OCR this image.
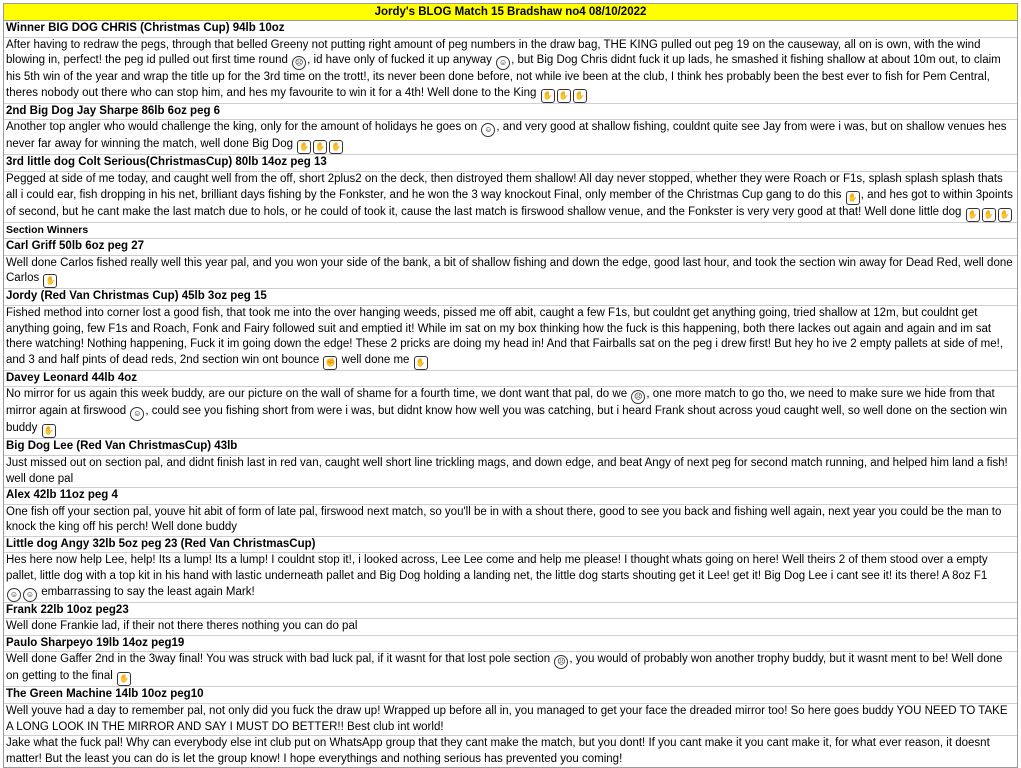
Jordy's BLOG Match 15 Bradshaw no4 08/10/2022
Winner BIG DOG CHRIS (Christmas Cup) 94lb 10oz
After having to redraw the pegs, through that belled Greeny not putting right amount of peg numbers in the draw bag, THE KING pulled out peg 19 on the causeway, all on is own, with the wind blowing in, perfect! the peg id pulled out first time round ☹ , id have only of fucked it up anyway ☺ , but Big Dog Chris didnt fuck it up lads, he smashed it fishing shallow at about 10m out, to claim his 5th win of the year and wrap the title up for the 3rd time on the trott!, its never been done before, not while ive been at the club, I think hes probably been the best ever to fish for Pem Central, theres nobody out there who can stop him, and hes my favourite to win it for a 4th! Well done to the King ✋ ✋ ✋
2nd Big Dog Jay Sharpe 86lb 6oz peg 6
Another top angler who would challenge the king, only for the amount of holidays he goes on ☺ , and very good at shallow fishing, couldnt quite see Jay from were i was, but on shallow venues hes never far away for winning the match, well done Big Dog ✋ ✋ ✋
3rd little dog Colt Serious(ChristmasCup) 80lb 14oz peg 13
Pegged at side of me today, and caught well from the off, short 2plus2 on the deck, then distroyed them shallow! All day never stopped, whether they were Roach or F1s, splash splash splash thats all i could ear, fish dropping in his net, brilliant days fishing by the Fonkster, and he won the 3 way knockout Final, only member of the Christmas Cup gang to do this ✋ , and hes got to within 3points of second, but he cant make the last match due to hols, or he could of took it, cause the last match is firswood shallow venue, and the Fonkster is very very good at that! Well done little dog ✋ ✋ ✋
Section Winners
Carl Griff 50lb 6oz peg 27
Well done Carlos fished really well this year pal, and you won your side of the bank, a bit of shallow fishing and down the edge, good last hour, and took the section win away for Dead Red, well done Carlos ✋
Jordy (Red Van Christmas Cup) 45lb 3oz peg 15
Fished method into corner lost a good fish, that took me into the over hanging weeds, pissed me off abit, caught a few F1s, but couldnt get anything going, tried shallow at 12m, but couldnt get anything going, few F1s and Roach, Fonk and Fairy followed suit and emptied it! While im sat on my box thinking how the fuck is this happening, both there lackes out again and again and im sat there watching! Nothing happening, Fuck it im going down the edge! These 2 pricks are doing my head in! And that Fairballs sat on the peg i drew first! But hey ho ive 2 empty pallets at side of me!, and 3 and half pints of dead reds, 2nd section win ont bounce ✊ well done me ✋
Davey Leonard 44lb 4oz
No mirror for us again this week buddy, are our picture on the wall of shame for a fourth time, we dont want that pal, do we ☹ , one more match to go tho, we need to make sure we hide from that mirror again at firswood ☺ , could see you fishing short from were i was, but didnt know how well you was catching, but i heard Frank shout across youd caught well, so well done on the section win buddy ✋
Big Dog Lee (Red Van ChristmasCup) 43lb
Just missed out on section pal, and didnt finish last in red van, caught well short line trickling mags, and down edge, and beat Angy of next peg for second match running, and helped him land a fish! well done pal
Alex 42lb 11oz peg 4
One fish off your section pal, youve hit abit of form of late pal, firswood next match, so you'll be in with a shout there, good to see you back and fishing well again, next year you could be the man to knock the king off his perch! Well done buddy
Little dog Angy 32lb 5oz peg 23 (Red Van ChristmasCup)
Hes here now help Lee, help! Its a lump! Its a lump! I couldnt stop it!, i looked across, Lee Lee come and help me please! I thought whats going on here! Well theirs 2 of them stood over a empty pallet, little dog with a top kit in his hand with lastic underneath pallet and Big Dog holding a landing net, the little dog starts shouting get it Lee! get it! Big Dog Lee i cant see it! its there! A 8oz F1 ☺ ☺ embarrassing to say the least again Mark!
Frank 22lb 10oz peg23
Well done Frankie lad, if their not there theres nothing you can do pal
Paulo Sharpeyo 19lb 14oz peg19
Well done Gaffer 2nd in the 3way final! You was struck with bad luck pal, if it wasnt for that lost pole section ☹ , you would of probably won another trophy buddy, but it wasnt ment to be! Well done on getting to the final ✋
The Green Machine 14lb 10oz peg10
Well youve had a day to remember pal, not only did you fuck the draw up! Wrapped up before all in, you managed to get your face the dreaded mirror too! So here goes buddy YOU NEED TO TAKE A LONG LOOK IN THE MIRROR AND SAY I MUST DO BETTER!! Best club int world!
Jake what the fuck pal! Why can everybody else int club put on WhatsApp group that they cant make the match, but you dont! If you cant make it you cant make it, for what ever reason, it doesnt matter! But the least you can do is let the group know! I hope everythings and nothing serious has prevented you coming!
